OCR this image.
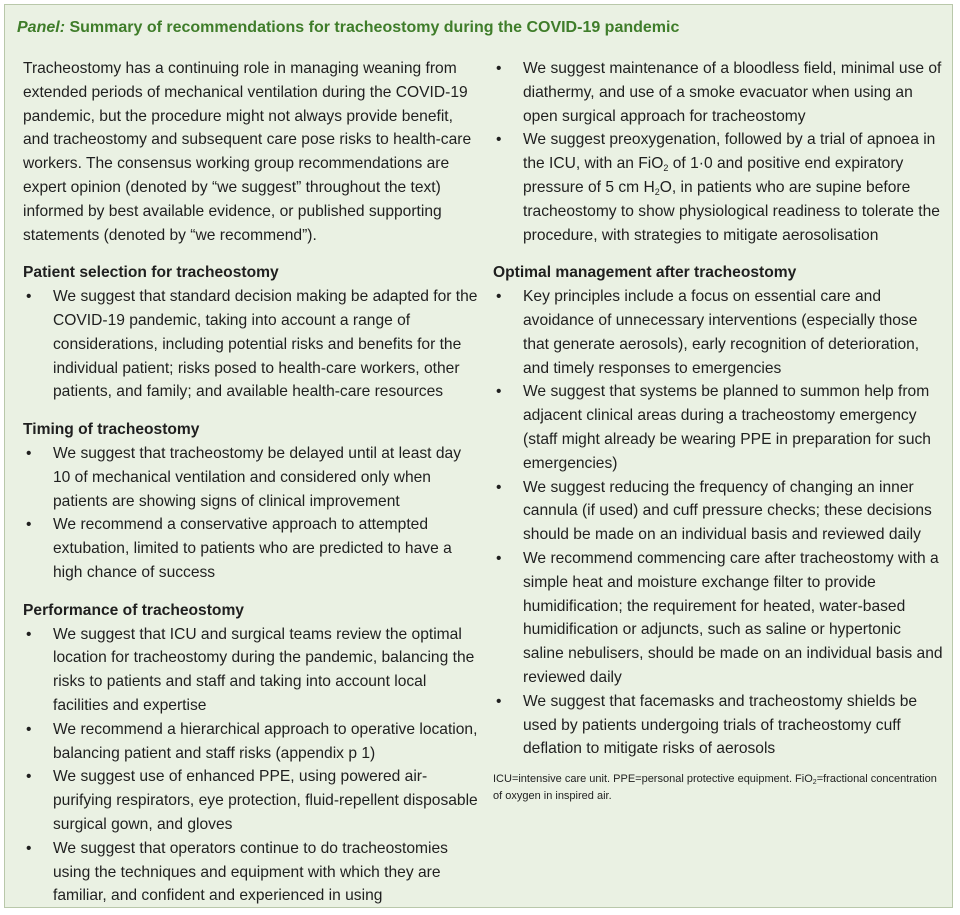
Panel: Summary of recommendations for tracheostomy during the COVID-19 pandemic

Tracheostomy has a continuing role in managing weaning from extended periods of mechanical ventilation during the COVID-19 pandemic, but the procedure might not always provide benefit, and tracheostomy and subsequent care pose risks to health-care workers. The consensus working group recommendations are expert opinion (denoted by “we suggest” throughout the text) informed by best available evidence, or published supporting statements (denoted by “we recommend”).

Patient selection for tracheostomy
• We suggest that standard decision making be adapted for the COVID-19 pandemic, taking into account a range of considerations, including potential risks and benefits for the individual patient; risks posed to health-care workers, other patients, and family; and available health-care resources
Timing of tracheostomy
• We suggest that tracheostomy be delayed until at least day 10 of mechanical ventilation and considered only when patients are showing signs of clinical improvement
• We recommend a conservative approach to attempted extubation, limited to patients who are predicted to have a high chance of success
Performance of tracheostomy
• We suggest that ICU and surgical teams review the optimal location for tracheostomy during the pandemic, balancing the risks to patients and staff and taking into account local facilities and expertise
• We recommend a hierarchical approach to operative location, balancing patient and staff risks (appendix p 1)
• We suggest use of enhanced PPE, using powered air-purifying respirators, eye protection, fluid-repellent disposable surgical gown, and gloves
• We suggest that operators continue to do tracheostomies using the techniques and equipment with which they are familiar, and confident and experienced in using
• We suggest maintenance of a bloodless field, minimal use of diathermy, and use of a smoke evacuator when using an open surgical approach for tracheostomy
• We suggest preoxygenation, followed by a trial of apnoea in the ICU, with an FiO$_2$ of 1·0 and positive end expiratory pressure of 5 cm $H_2O$, in patients who are supine before tracheostomy to show physiological readiness to tolerate the procedure, with strategies to mitigate aerosolisation
Optimal management after tracheostomy
• Key principles include a focus on essential care and avoidance of unnecessary interventions (especially those that generate aerosols), early recognition of deterioration, and timely responses to emergencies
• We suggest that systems be planned to summon help from adjacent clinical areas during a tracheostomy emergency (staff might already be wearing PPE in preparation for such emergencies)
• We suggest reducing the frequency of changing an inner cannula (if used) and cuff pressure checks; these decisions should be made on an individual basis and reviewed daily
• We recommend commencing care after tracheostomy with a simple heat and moisture exchange filter to provide humidification; the requirement for heated, water-based humidification or adjuncts, such as saline or hypertonic saline nebulisers, should be made on an individual basis and reviewed daily
• We suggest that facemasks and tracheostomy shields be used by patients undergoing trials of tracheostomy cuff deflation to mitigate risks of aerosols

ICU=intensive care unit. PPE=personal protective equipment. FiO$_2$=fractional concentration of oxygen in inspired air.
